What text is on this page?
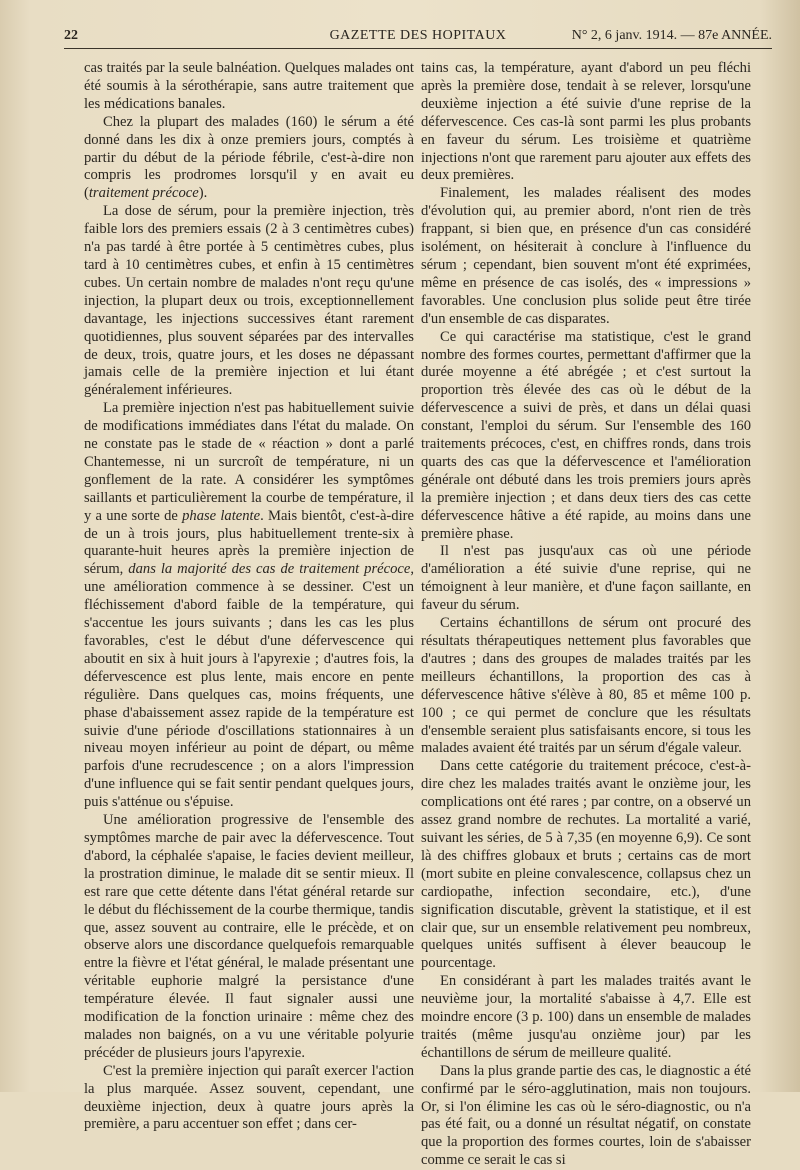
22	GAZETTE DES HOPITAUX	N° 2, 6 janv. 1914. — 87e ANNÉE.

cas traités par la seule balnéation. Quelques malades ont été soumis à la sérothérapie, sans autre traitement que les médications banales.

Chez la plupart des malades (160) le sérum a été donné dans les dix à onze premiers jours, comptés à partir du début de la période fébrile, c'est-à-dire non compris les prodromes lorsqu'il y en avait eu (traitement précoce).

La dose de sérum, pour la première injection, très faible lors des premiers essais (2 à 3 centimètres cubes) n'a pas tardé à être portée à 5 centimètres cubes, plus tard à 10 centimètres cubes, et enfin à 15 centimètres cubes. Un certain nombre de malades n'ont reçu qu'une injection, la plupart deux ou trois, exceptionnellement davantage, les injections successives étant rarement quotidiennes, plus souvent séparées par des intervalles de deux, trois, quatre jours, et les doses ne dépassant jamais celle de la première injection et lui étant généralement inférieures.

La première injection n'est pas habituellement suivie de modifications immédiates dans l'état du malade. On ne constate pas le stade de « réaction » dont a parlé Chantemesse, ni un surcroît de température, ni un gonflement de la rate. A considérer les symptômes saillants et particulièrement la courbe de température, il y a une sorte de phase latente. Mais bientôt, c'est-à-dire de un à trois jours, plus habituellement trente-six à quarante-huit heures après la première injection de sérum, dans la majorité des cas de traitement précoce, une amélioration commence à se dessiner. C'est un fléchissement d'abord faible de la température, qui s'accentue les jours suivants ; dans les cas les plus favorables, c'est le début d'une défervescence qui aboutit en six à huit jours à l'apyrexie ; d'autres fois, la défervescence est plus lente, mais encore en pente régulière. Dans quelques cas, moins fréquents, une phase d'abaissement assez rapide de la température est suivie d'une période d'oscillations stationnaires à un niveau moyen inférieur au point de départ, ou même parfois d'une recrudescence ; on a alors l'impression d'une influence qui se fait sentir pendant quelques jours, puis s'atténue ou s'épuise.

Une amélioration progressive de l'ensemble des symptômes marche de pair avec la défervescence. Tout d'abord, la céphalée s'apaise, le facies devient meilleur, la prostration diminue, le malade dit se sentir mieux. Il est rare que cette détente dans l'état général retarde sur le début du fléchissement de la courbe thermique, tandis que, assez souvent au contraire, elle le précède, et on observe alors une discordance quelquefois remarquable entre la fièvre et l'état général, le malade présentant une véritable euphorie malgré la persistance d'une température élevée. Il faut signaler aussi une modification de la fonction urinaire : même chez des malades non baignés, on a vu une véritable polyurie précéder de plusieurs jours l'apyrexie.

C'est la première injection qui paraît exercer l'action la plus marquée. Assez souvent, cependant, une deuxième injection, deux à quatre jours après la première, a paru accentuer son effet ; dans cer-

tains cas, la température, ayant d'abord un peu fléchi après la première dose, tendait à se relever, lorsqu'une deuxième injection a été suivie d'une reprise de la défervescence. Ces cas-là sont parmi les plus probants en faveur du sérum. Les troisième et quatrième injections n'ont que rarement paru ajouter aux effets des deux premières.

Finalement, les malades réalisent des modes d'évolution qui, au premier abord, n'ont rien de très frappant, si bien que, en présence d'un cas considéré isolément, on hésiterait à conclure à l'influence du sérum ; cependant, bien souvent m'ont été exprimées, même en présence de cas isolés, des « impressions » favorables. Une conclusion plus solide peut être tirée d'un ensemble de cas disparates.

Ce qui caractérise ma statistique, c'est le grand nombre des formes courtes, permettant d'affirmer que la durée moyenne a été abrégée ; et c'est surtout la proportion très élevée des cas où le début de la défervescence a suivi de près, et dans un délai quasi constant, l'emploi du sérum. Sur l'ensemble des 160 traitements précoces, c'est, en chiffres ronds, dans trois quarts des cas que la défervescence et l'amélioration générale ont débuté dans les trois premiers jours après la première injection ; et dans deux tiers des cas cette défervescence hâtive a été rapide, au moins dans une première phase.

Il n'est pas jusqu'aux cas où une période d'amélioration a été suivie d'une reprise, qui ne témoignent à leur manière, et d'une façon saillante, en faveur du sérum.

Certains échantillons de sérum ont procuré des résultats thérapeutiques nettement plus favorables que d'autres ; dans des groupes de malades traités par les meilleurs échantillons, la proportion des cas à défervescence hâtive s'élève à 80, 85 et même 100 p. 100 ; ce qui permet de conclure que les résultats d'ensemble seraient plus satisfaisants encore, si tous les malades avaient été traités par un sérum d'égale valeur.

Dans cette catégorie du traitement précoce, c'est-à-dire chez les malades traités avant le onzième jour, les complications ont été rares ; par contre, on a observé un assez grand nombre de rechutes. La mortalité a varié, suivant les séries, de 5 à 7,35 (en moyenne 6,9). Ce sont là des chiffres globaux et bruts ; certains cas de mort (mort subite en pleine convalescence, collapsus chez un cardiopathe, infection secondaire, etc.), d'une signification discutable, grèvent la statistique, et il est clair que, sur un ensemble relativement peu nombreux, quelques unités suffisent à élever beaucoup le pourcentage.

En considérant à part les malades traités avant le neuvième jour, la mortalité s'abaisse à 4,7. Elle est moindre encore (3 p. 100) dans un ensemble de malades traités (même jusqu'au onzième jour) par les échantillons de sérum de meilleure qualité.

Dans la plus grande partie des cas, le diagnostic a été confirmé par le séro-agglutination, mais non toujours. Or, si l'on élimine les cas où le séro-diagnostic, ou n'a pas été fait, ou a donné un résultat négatif, on constate que la proportion des formes courtes, loin de s'abaisser comme ce serait le cas si
